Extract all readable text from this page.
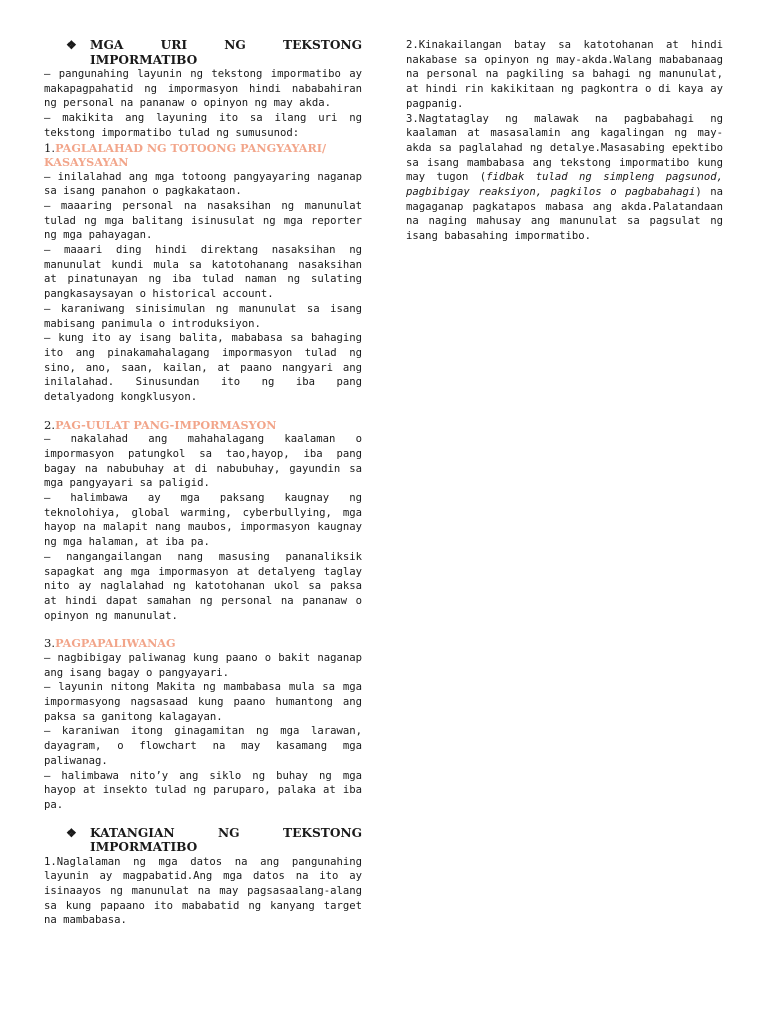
❖ MGA	URI	NG	TEKSTONG
IMPORMATIBO

– pangunahing layunin ng tekstong impormatibo ay makapagpahatid ng impormasyon hindi nababahiran ng personal na pananaw o opinyon ng may akda.

– makikita ang layuning ito sa ilang uri ng tekstong impormatibo tulad ng sumusunod:

1.PAGLALAHAD NG TOTOONG PANGYAYARI/ KASAYSAYAN

– inilalahad ang mga totoong pangyayaring naganap sa isang panahon o pagkakataon.

– maaaring personal na nasaksihan ng manunulat tulad ng mga balitang isinusulat ng mga reporter ng mga pahayagan.

– maaari ding hindi direktang nasaksihan ng manunulat kundi mula sa katotohanang nasaksihan at pinatunayan ng iba tulad naman ng sulating pangkasaysayan o historical account.

– karaniwang sinisimulan ng manunulat sa isang mabisang panimula o introduksiyon.

– kung ito ay isang balita, mababasa sa bahaging ito ang pinakamahalagang impormasyon tulad ng sino, ano, saan, kailan, at paano nangyari ang inilalahad. Sinusundan ito ng iba pang detalyadong kongklusyon.

2.PAG-UULAT PANG-IMPORMASYON

– nakalahad ang mahahalagang kaalaman o impormasyon patungkol sa tao,hayop, iba pang bagay na nabubuhay at di nabubuhay, gayundin sa mga pangyayari sa paligid.

– halimbawa ay mga paksang kaugnay ng teknolohiya, global warming, cyberbullying, mga hayop na malapit nang maubos, impormasyon kaugnay ng mga halaman, at iba pa.

– nangangailangan nang masusing pananaliksik sapagkat ang mga impormasyon at detalyeng taglay nito ay naglalahad ng katotohanan ukol sa paksa at hindi dapat samahan ng personal na pananaw o opinyon ng manunulat.

3.PAGPAPALIWANAG

– nagbibigay paliwanag kung paano o bakit naganap ang isang bagay o pangyayari.

– layunin nitong Makita ng mambabasa mula sa mga impormasyong nagsasaad kung paano humantong ang paksa sa ganitong kalagayan.

– karaniwan itong ginagamitan ng mga larawan, dayagram, o flowchart na may kasamang mga paliwanag.

– halimbawa nito’y ang siklo ng buhay ng mga hayop at insekto tulad ng paruparo, palaka at iba pa.

❖ KATANGIAN	NG	TEKSTONG
IMPORMATIBO

1.Naglalaman ng mga datos na ang pangunahing layunin ay magpabatid.Ang mga datos na ito ay isinaayos ng manunulat na may pagsasaalang-alang sa kung papaano ito mababatid ng kanyang target na mambabasa.

2.Kinakailangan batay sa katotohanan at hindi nakabase sa opinyon ng may-akda.Walang mababanaag na personal na pagkiling sa bahagi ng manunulat, at hindi rin kakikitaan ng pagkontra o di kaya ay pagpanig.

3.Nagtataglay ng malawak na pagbabahagi ng kaalaman at masasalamin ang kagalingan ng may-akda sa paglalahad ng detalye.Masasabing epektibo sa isang mambabasa ang tekstong impormatibo kung may tugon (fidbak tulad ng simpleng pagsunod, pagbibigay reaksiyon, pagkilos o pagbabahagi) na magaganap pagkatapos mabasa ang akda.Palatandaan na naging mahusay ang manunulat sa pagsulat ng isang babasahing impormatibo.
